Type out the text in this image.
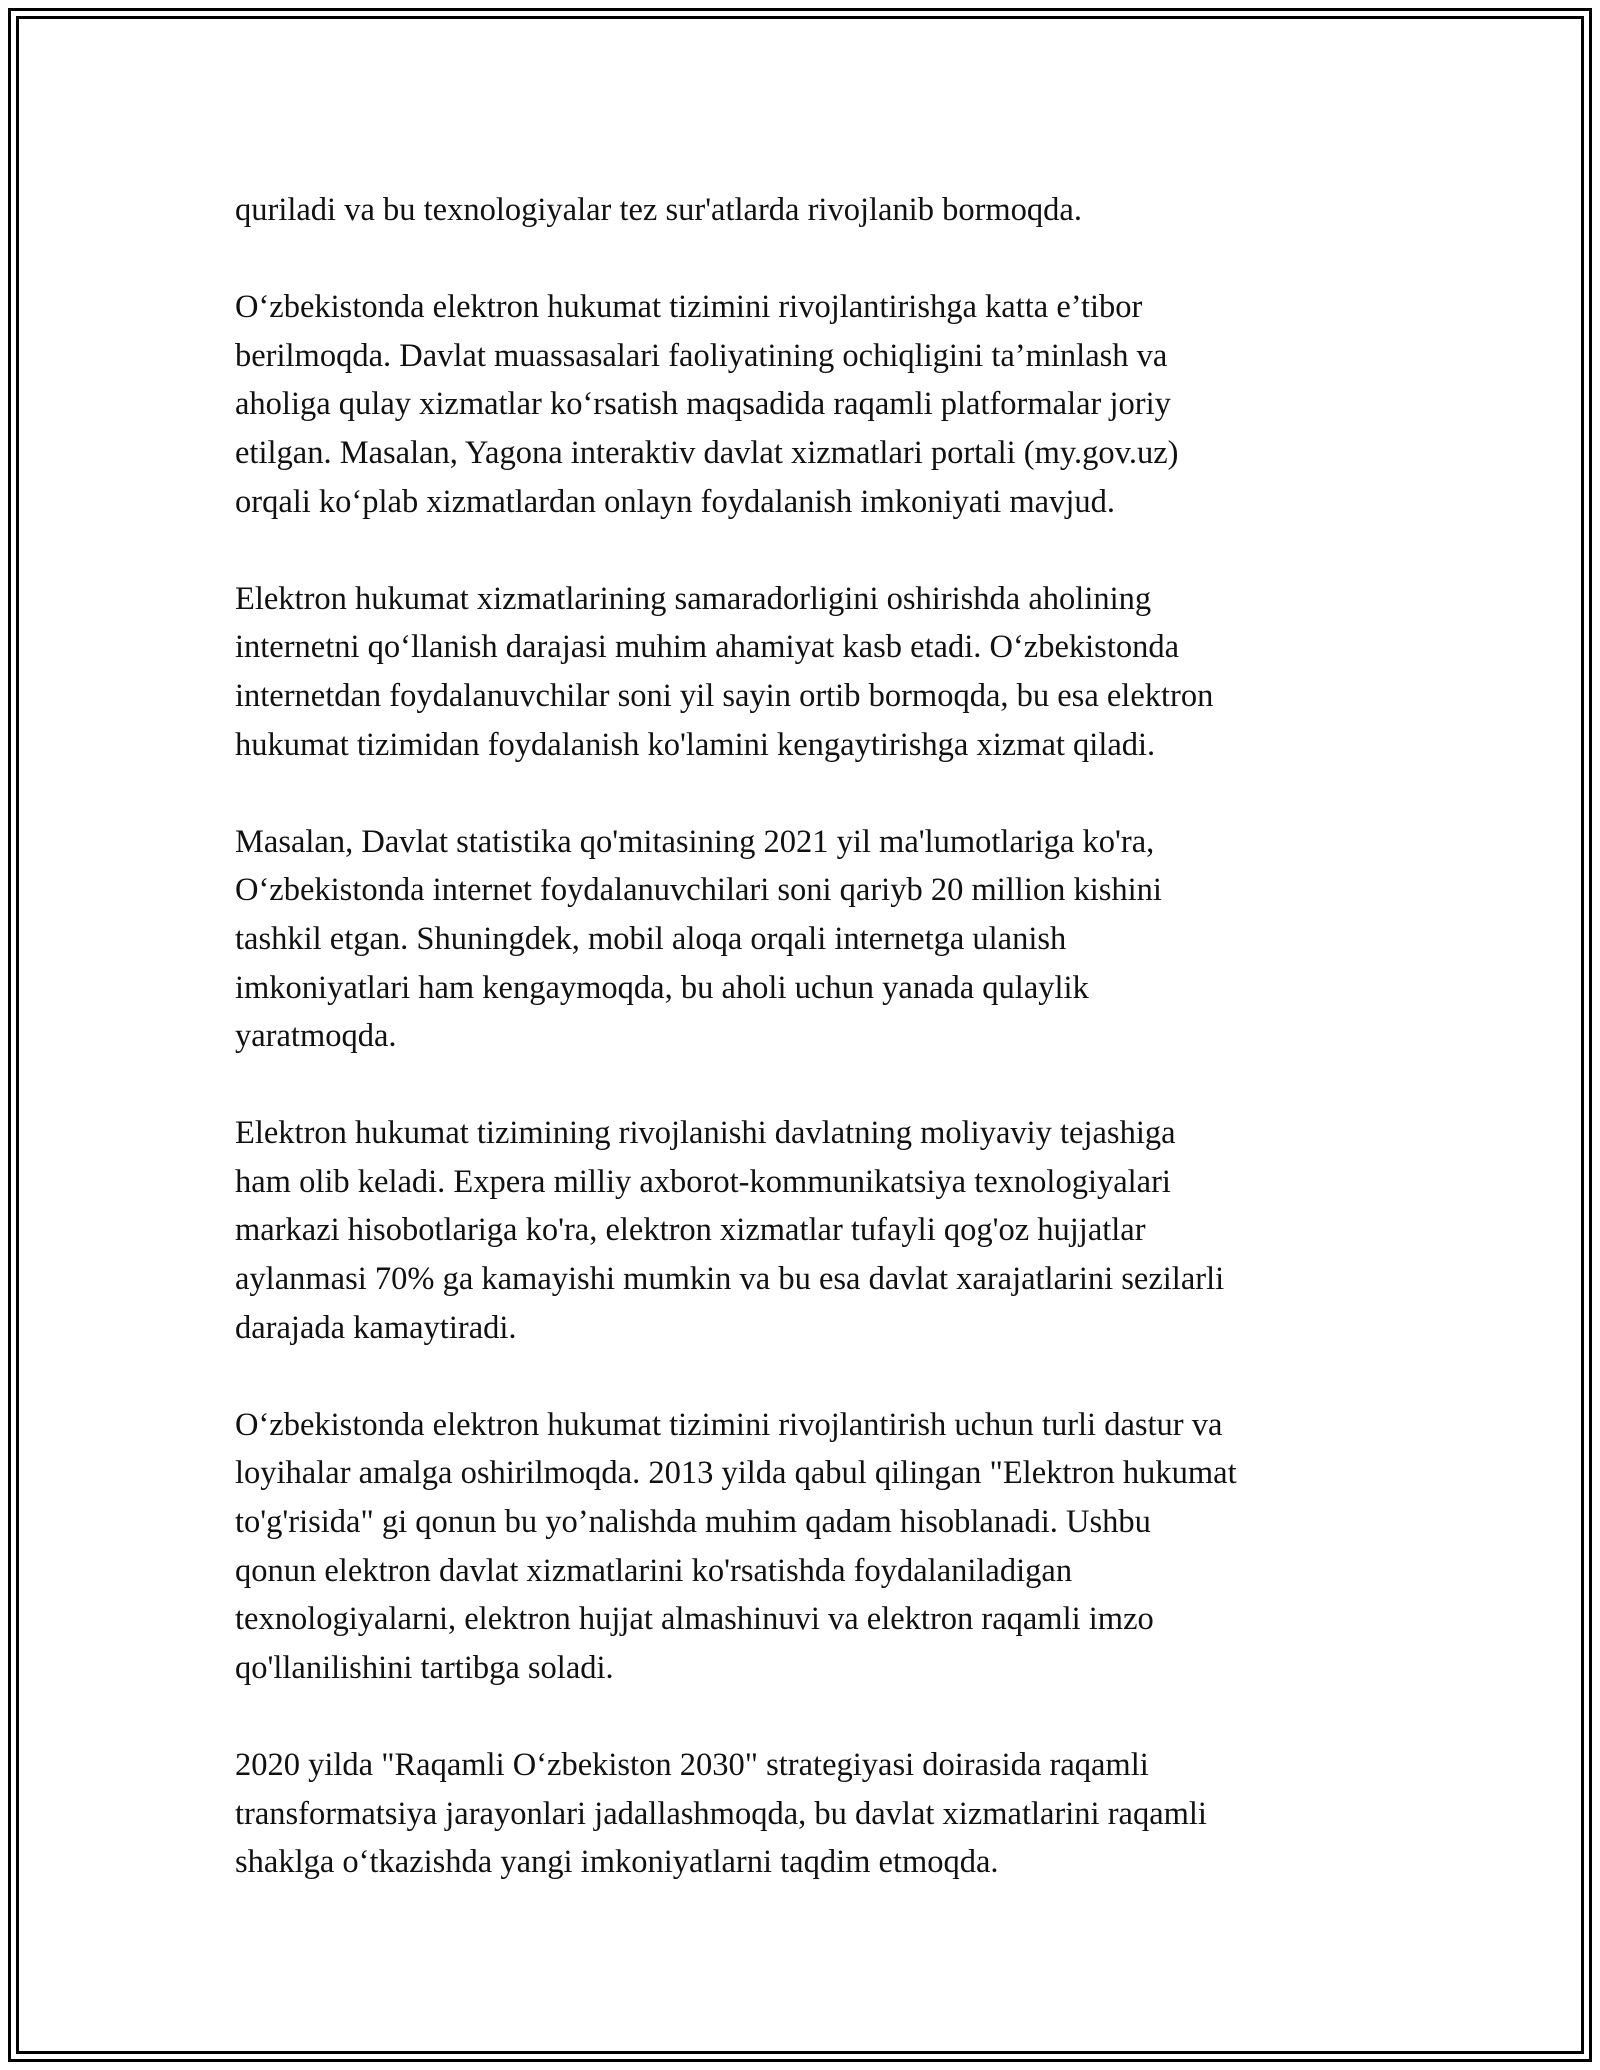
quriladi va bu texnologiyalar tez sur'atlarda rivojlanib bormoqda.

O‘zbekistonda elektron hukumat tizimini rivojlantirishga katta e’tibor
berilmoqda. Davlat muassasalari faoliyatining ochiqligini ta’minlash va
aholiga qulay xizmatlar ko‘rsatish maqsadida raqamli platformalar joriy
etilgan. Masalan, Yagona interaktiv davlat xizmatlari portali (my.gov.uz)
orqali ko‘plab xizmatlardan onlayn foydalanish imkoniyati mavjud.

Elektron hukumat xizmatlarining samaradorligini oshirishda aholining
internetni qo‘llanish darajasi muhim ahamiyat kasb etadi. O‘zbekistonda
internetdan foydalanuvchilar soni yil sayin ortib bormoqda, bu esa elektron
hukumat tizimidan foydalanish ko'lamini kengaytirishga xizmat qiladi.

Masalan, Davlat statistika qo'mitasining 2021 yil ma'lumotlariga ko'ra,
O‘zbekistonda internet foydalanuvchilari soni qariyb 20 million kishini
tashkil etgan. Shuningdek, mobil aloqa orqali internetga ulanish
imkoniyatlari ham kengaymoqda, bu aholi uchun yanada qulaylik
yaratmoqda.

Elektron hukumat tizimining rivojlanishi davlatning moliyaviy tejashiga
ham olib keladi. Expera milliy axborot-kommunikatsiya texnologiyalari
markazi hisobotlariga ko'ra, elektron xizmatlar tufayli qog'oz hujjatlar
aylanmasi 70% ga kamayishi mumkin va bu esa davlat xarajatlarini sezilarli
darajada kamaytiradi.

O‘zbekistonda elektron hukumat tizimini rivojlantirish uchun turli dastur va
loyihalar amalga oshirilmoqda. 2013 yilda qabul qilingan "Elektron hukumat
to'g'risida" gi qonun bu yo’nalishda muhim qadam hisoblanadi. Ushbu
qonun elektron davlat xizmatlarini ko'rsatishda foydalaniladigan
texnologiyalarni, elektron hujjat almashinuvi va elektron raqamli imzo
qo'llanilishini tartibga soladi.

2020 yilda "Raqamli O‘zbekiston 2030" strategiyasi doirasida raqamli
transformatsiya jarayonlari jadallashmoqda, bu davlat xizmatlarini raqamli
shaklga o‘tkazishda yangi imkoniyatlarni taqdim etmoqda.
